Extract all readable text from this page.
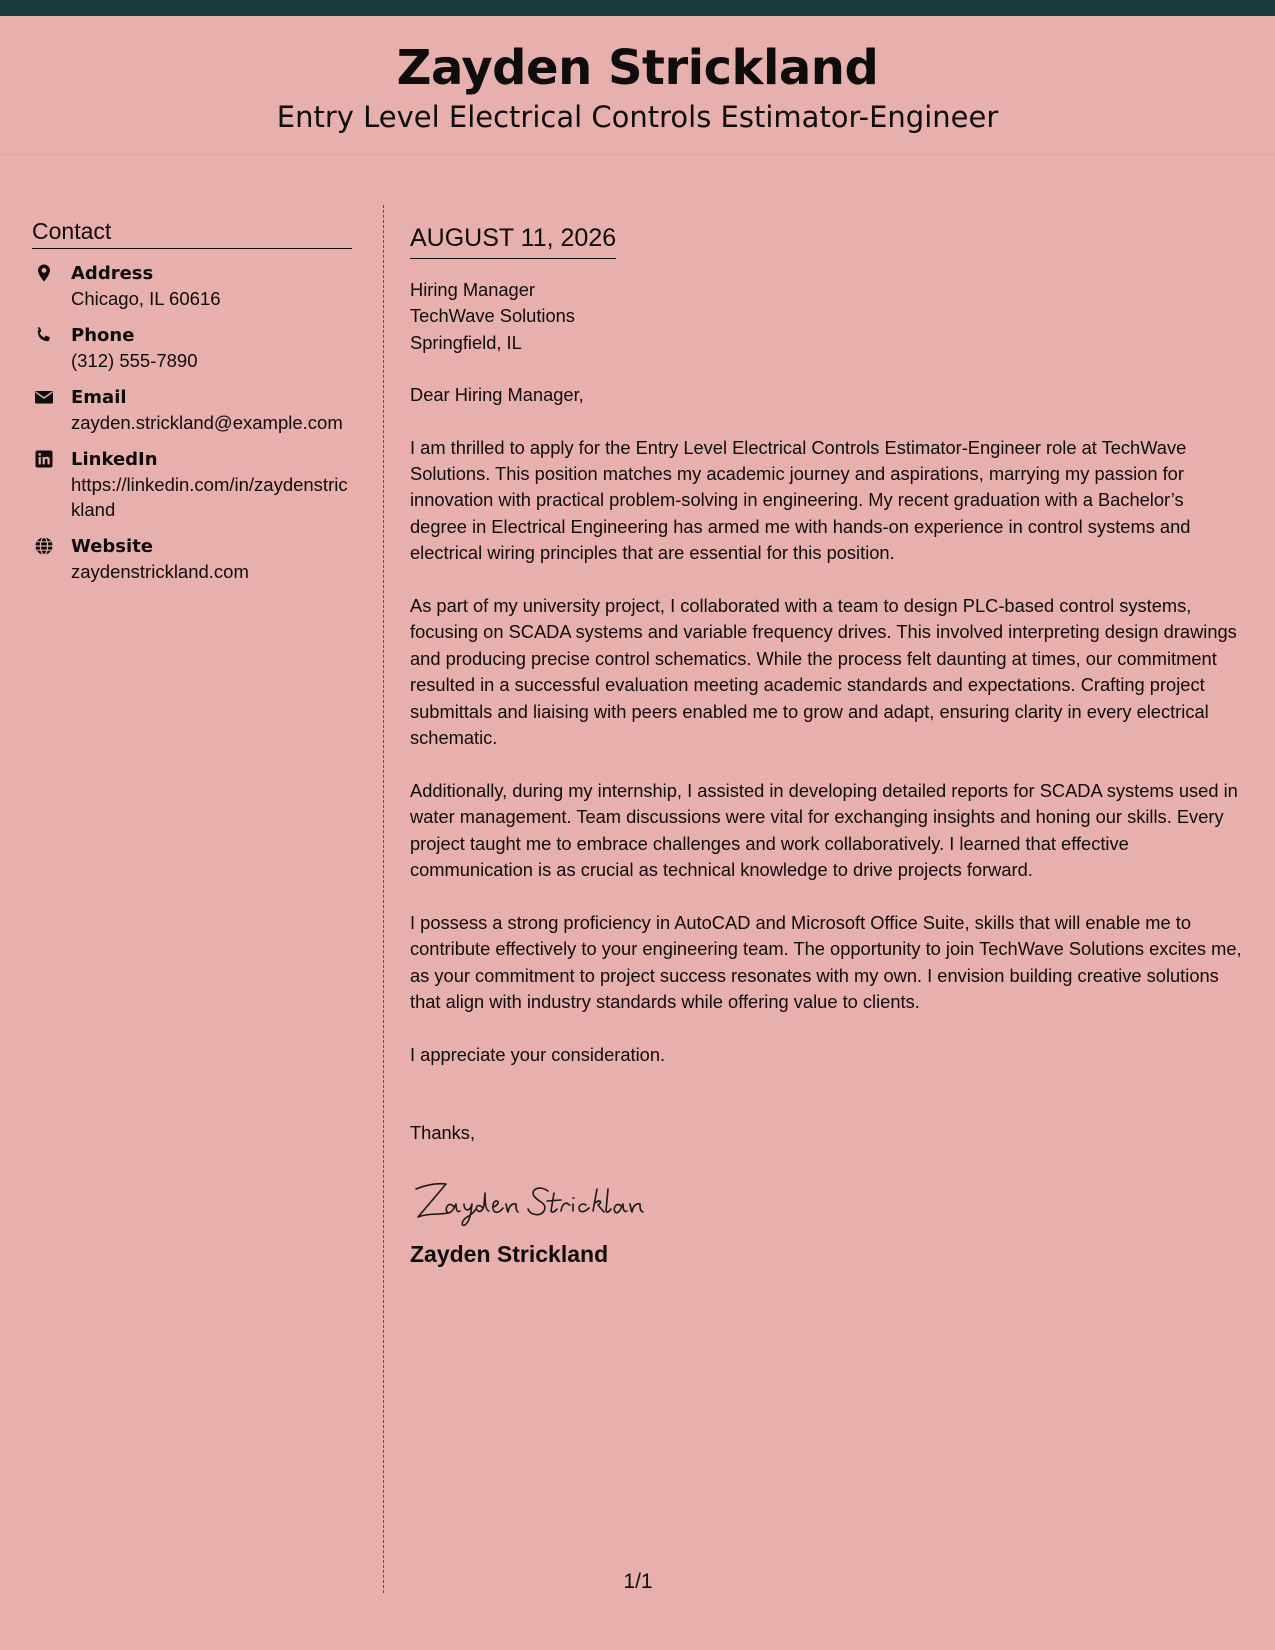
Zayden Strickland
Entry Level Electrical Controls Estimator-Engineer
Contact
Address
Chicago, IL 60616
Phone
(312) 555-7890
Email
zayden.strickland@example.com
LinkedIn
https://linkedin.com/in/zaydenstrickland
Website
zaydenstrickland.com
AUGUST 11, 2026
Hiring Manager
TechWave Solutions
Springfield, IL
Dear Hiring Manager,

I am thrilled to apply for the Entry Level Electrical Controls Estimator-Engineer role at TechWave Solutions. This position matches my academic journey and aspirations, marrying my passion for innovation with practical problem-solving in engineering. My recent graduation with a Bachelor’s degree in Electrical Engineering has armed me with hands-on experience in control systems and electrical wiring principles that are essential for this position.

As part of my university project, I collaborated with a team to design PLC-based control systems, focusing on SCADA systems and variable frequency drives. This involved interpreting design drawings and producing precise control schematics. While the process felt daunting at times, our commitment resulted in a successful evaluation meeting academic standards and expectations. Crafting project submittals and liaising with peers enabled me to grow and adapt, ensuring clarity in every electrical schematic.

Additionally, during my internship, I assisted in developing detailed reports for SCADA systems used in water management. Team discussions were vital for exchanging insights and honing our skills. Every project taught me to embrace challenges and work collaboratively. I learned that effective communication is as crucial as technical knowledge to drive projects forward.

I possess a strong proficiency in AutoCAD and Microsoft Office Suite, skills that will enable me to contribute effectively to your engineering team. The opportunity to join TechWave Solutions excites me, as your commitment to project success resonates with my own. I envision building creative solutions that align with industry standards while offering value to clients.

I appreciate your consideration.

Thanks,
Zayden Strickland
1/1
